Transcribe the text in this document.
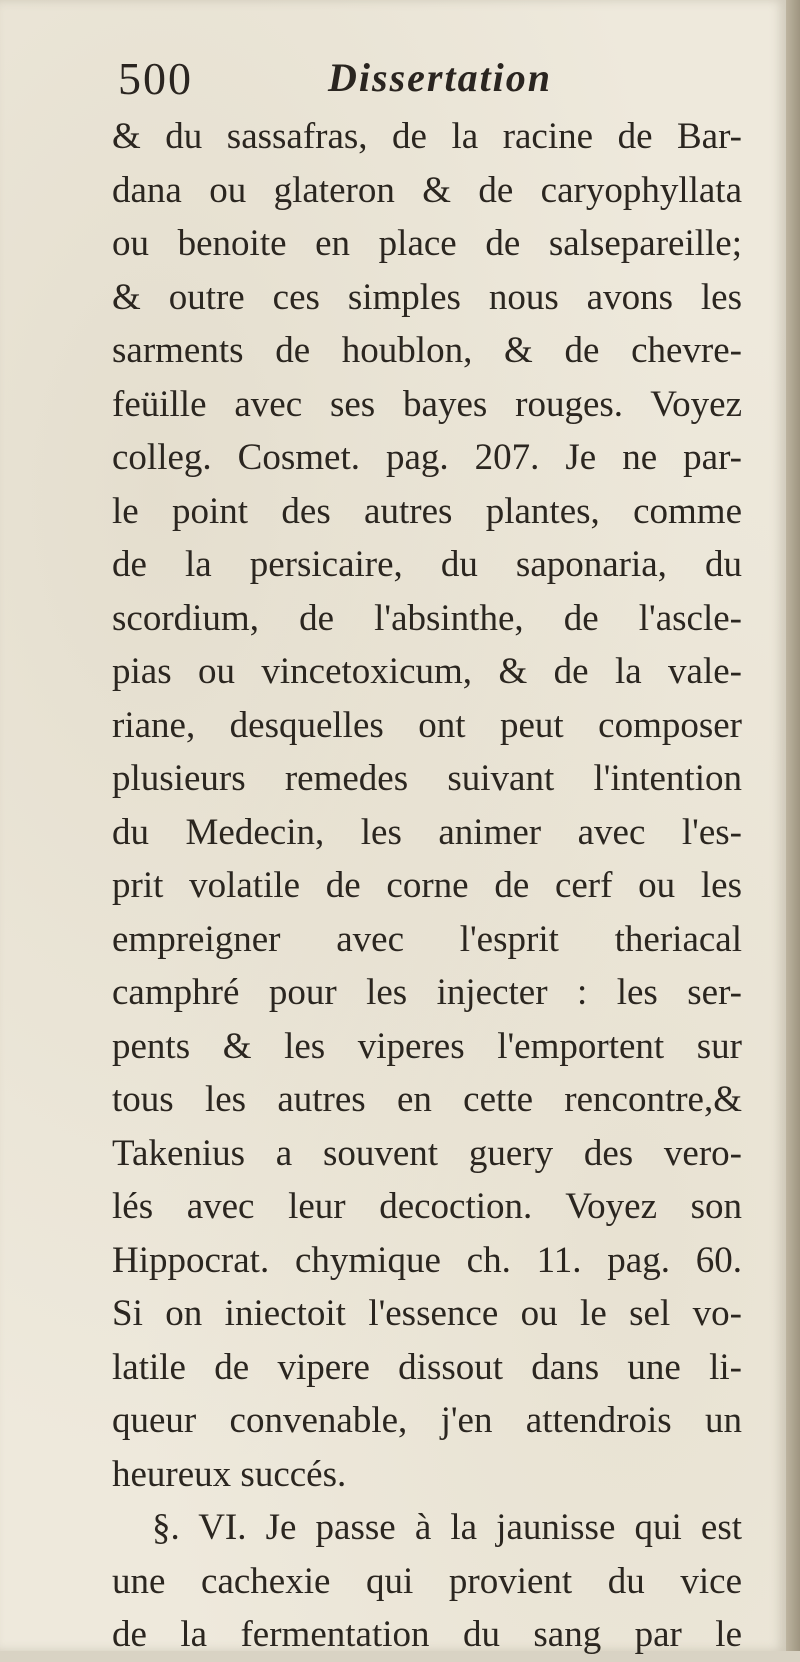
500	Dissertation
& du sassafras, de la racine de Bar-
dana ou glateron & de caryophyllata
ou benoite en place de salsepareille;
& outre ces simples nous avons les
sarments de houblon, & de chevre-
feüille avec ses bayes rouges. Voyez
colleg. Cosmet. pag. 207. Je ne par-
le point des autres plantes, comme
de la persicaire, du saponaria, du
scordium, de l'absinthe, de l'ascle-
pias ou vincetoxicum, & de la vale-
riane, desquelles ont peut composer
plusieurs remedes suivant l'intention
du Medecin, les animer avec l'es-
prit volatile de corne de cerf ou les
empreigner avec l'esprit theriacal
camphré pour les injecter : les ser-
pents & les viperes l'emportent sur
tous les autres en cette rencontre,&
Takenius a souvent guery des vero-
lés avec leur decoction. Voyez son
Hippocrat. chymique ch. 11. pag. 60.
Si on iniectoit l'essence ou le sel vo-
latile de vipere dissout dans une li-
queur convenable, j'en attendrois un
heureux succés.
§. VI. Je passe à la jaunisse qui est
une cachexie qui provient du vice
de la fermentation du sang par le
